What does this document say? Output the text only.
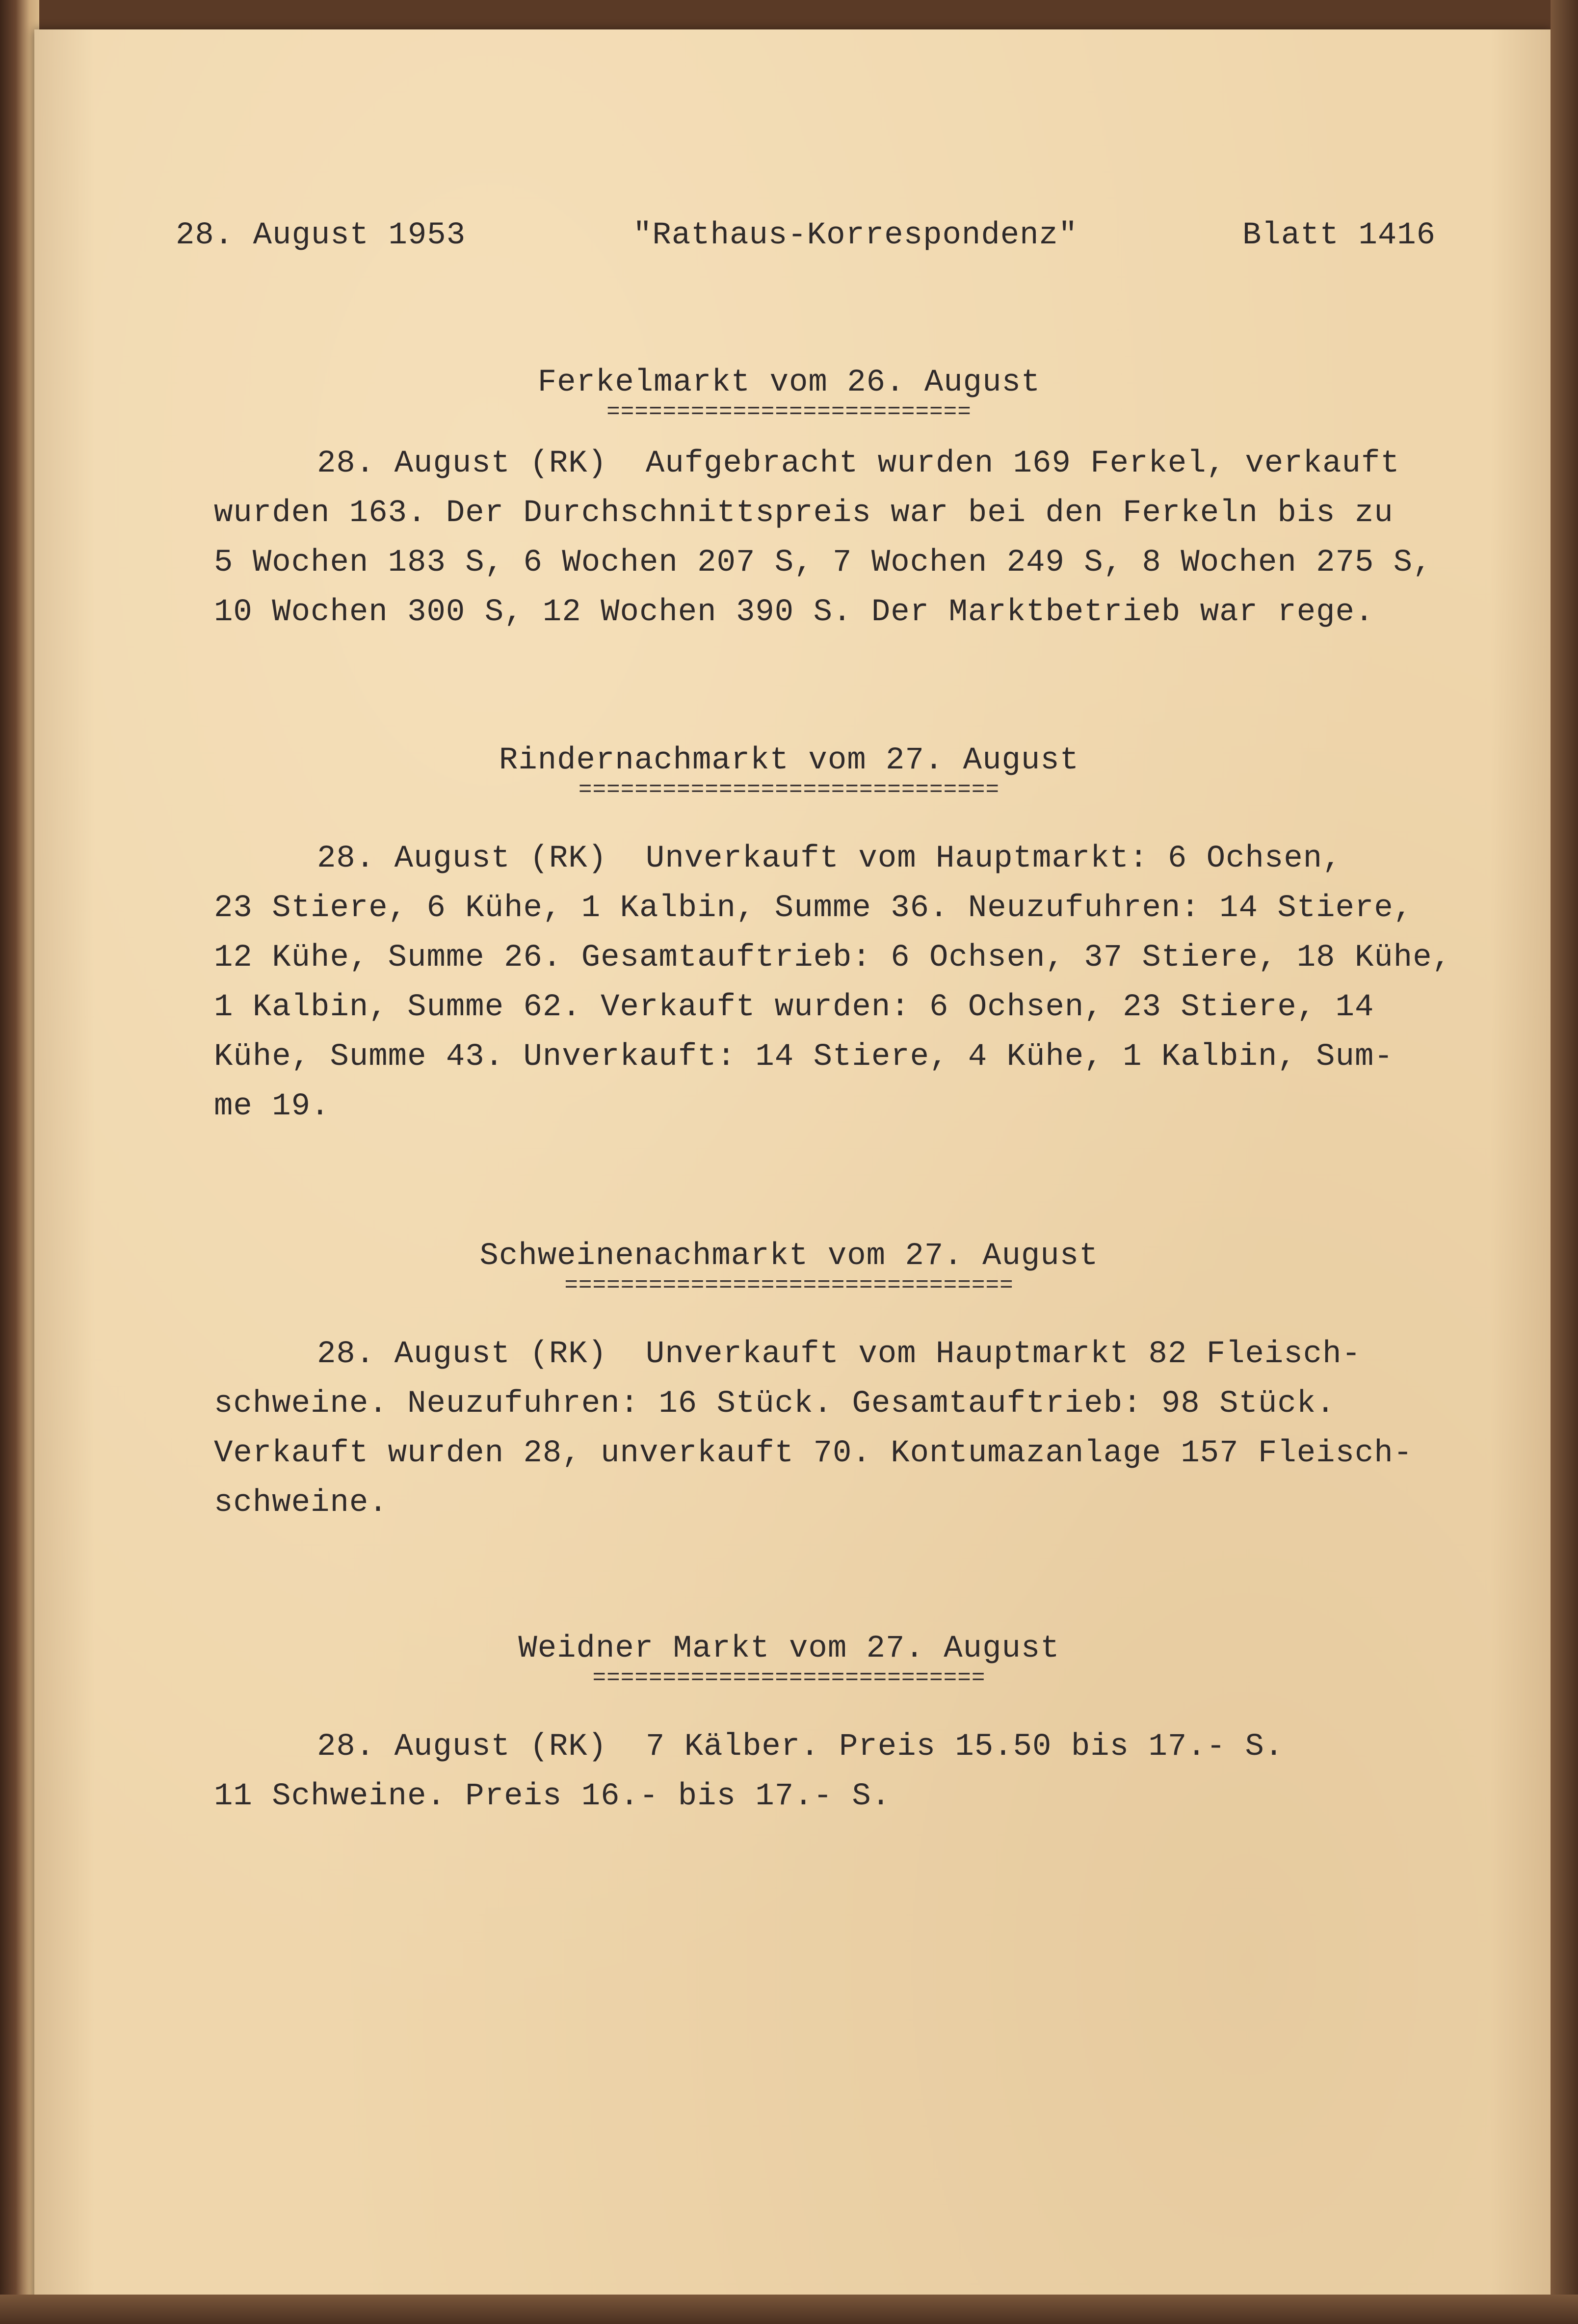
28. August 1953	"Rathaus-Korrespondenz"	Blatt 1416
Ferkelmarkt vom 26. August
==========================
28. August (RK)  Aufgebracht wurden 169 Ferkel, verkauft
wurden 163. Der Durchschnittspreis war bei den Ferkeln bis zu
5 Wochen 183 S, 6 Wochen 207 S, 7 Wochen 249 S, 8 Wochen 275 S,
10 Wochen 300 S, 12 Wochen 390 S. Der Marktbetrieb war rege.
Rindernachmarkt vom 27. August
==============================
28. August (RK)  Unverkauft vom Hauptmarkt: 6 Ochsen,
23 Stiere, 6 Kühe, 1 Kalbin, Summe 36. Neuzufuhren: 14 Stiere,
12 Kühe, Summe 26. Gesamtauftrieb: 6 Ochsen, 37 Stiere, 18 Kühe,
1 Kalbin, Summe 62. Verkauft wurden: 6 Ochsen, 23 Stiere, 14
Kühe, Summe 43. Unverkauft: 14 Stiere, 4 Kühe, 1 Kalbin, Sum-
me 19.
Schweinenachmarkt vom 27. August
================================
28. August (RK)  Unverkauft vom Hauptmarkt 82 Fleisch-
schweine. Neuzufuhren: 16 Stück. Gesamtauftrieb: 98 Stück.
Verkauft wurden 28, unverkauft 70. Kontumazanlage 157 Fleisch-
schweine.
Weidner Markt vom 27. August
============================
28. August (RK)  7 Kälber. Preis 15.50 bis 17.- S.
11 Schweine. Preis 16.- bis 17.- S.
